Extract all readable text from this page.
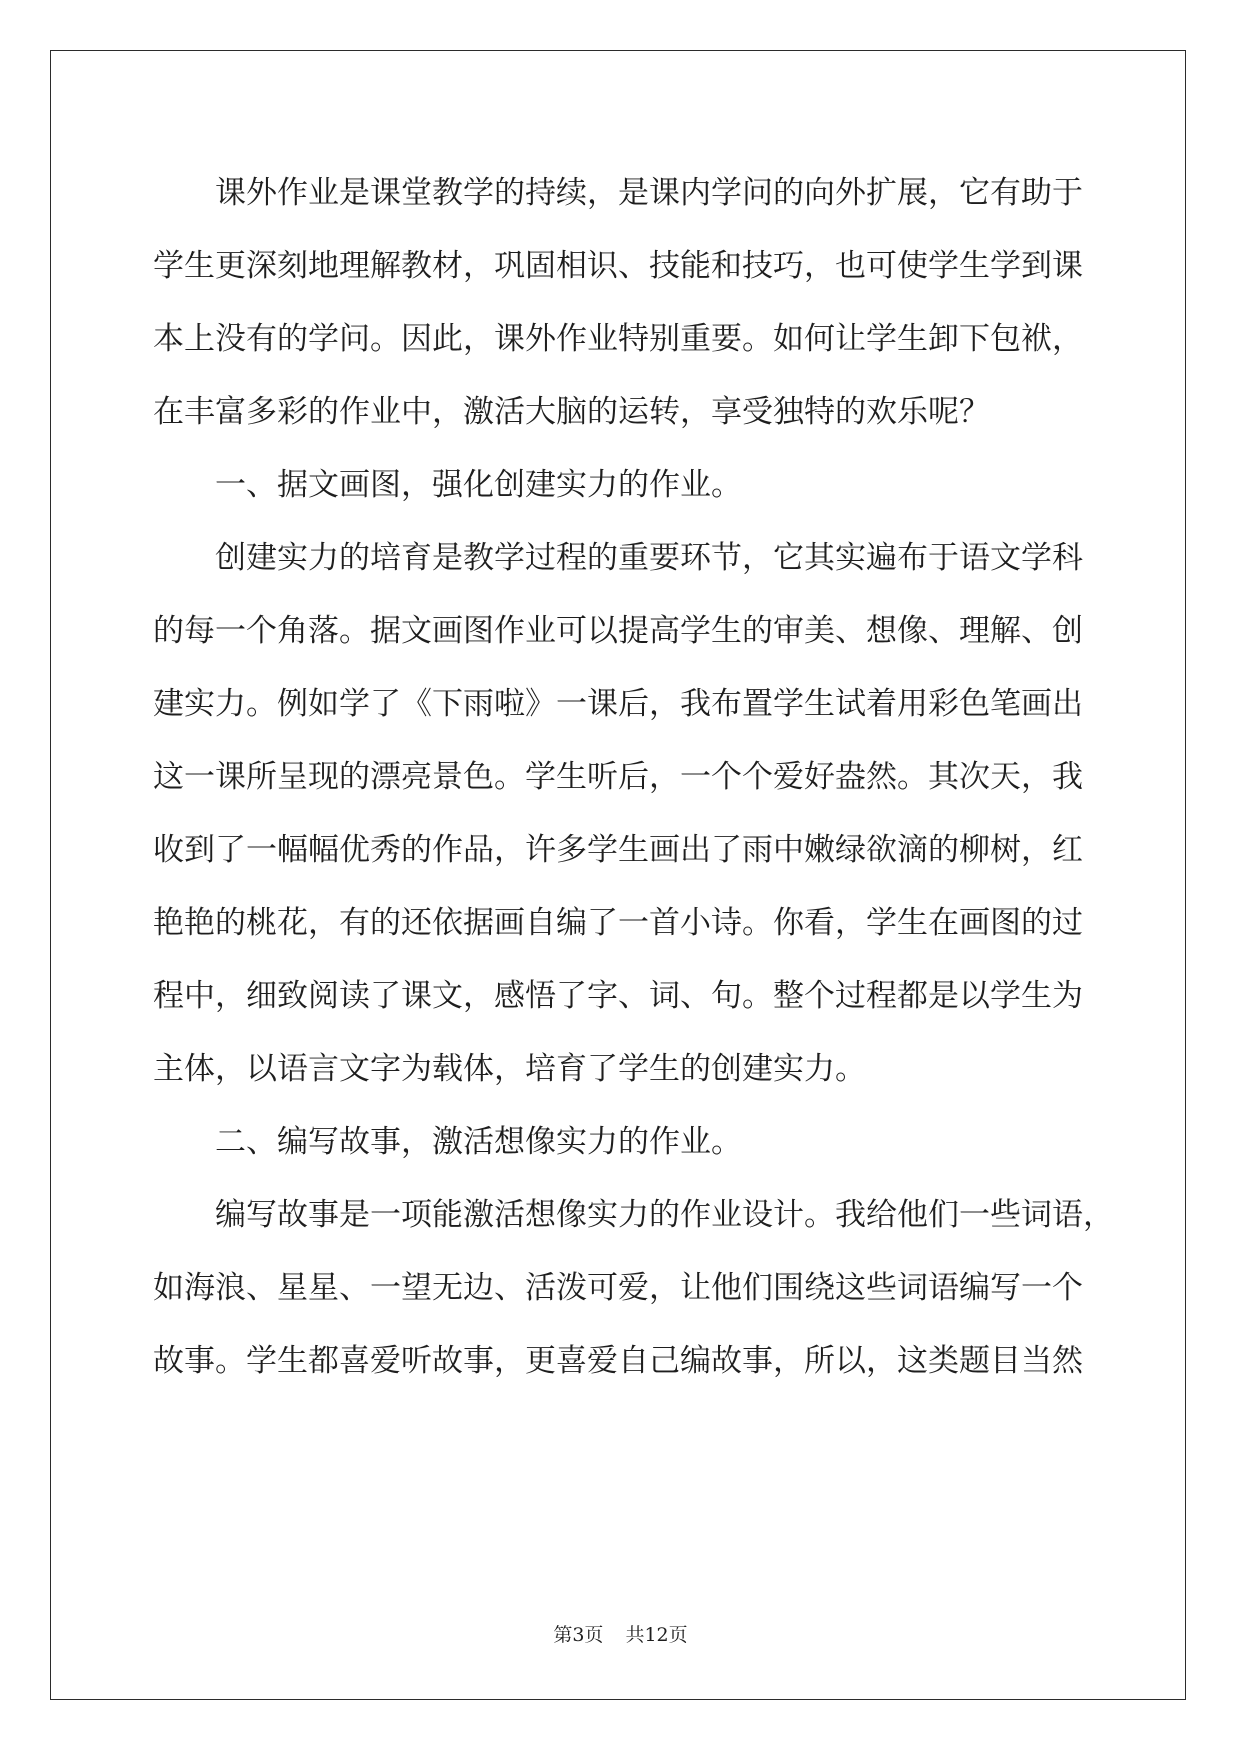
课外作业是课堂教学的持续，是课内学问的向外扩展，它有助于
学生更深刻地理解教材，巩固相识、技能和技巧，也可使学生学到课
本上没有的学问。因此，课外作业特别重要。如何让学生卸下包袱，
在丰富多彩的作业中，激活大脑的运转，享受独特的欢乐呢？
一、据文画图，强化创建实力的作业。
创建实力的培育是教学过程的重要环节，它其实遍布于语文学科
的每一个角落。据文画图作业可以提高学生的审美、想像、理解、创
建实力。例如学了《下雨啦》一课后，我布置学生试着用彩色笔画出
这一课所呈现的漂亮景色。学生听后，一个个爱好盎然。其次天，我
收到了一幅幅优秀的作品，许多学生画出了雨中嫩绿欲滴的柳树，红
艳艳的桃花，有的还依据画自编了一首小诗。你看，学生在画图的过
程中，细致阅读了课文，感悟了字、词、句。整个过程都是以学生为
主体，以语言文字为载体，培育了学生的创建实力。
二、编写故事，激活想像实力的作业。
编写故事是一项能激活想像实力的作业设计。我给他们一些词语，
如海浪、星星、一望无边、活泼可爱，让他们围绕这些词语编写一个
故事。学生都喜爱听故事，更喜爱自己编故事，所以，这类题目当然
第3页 共12页
